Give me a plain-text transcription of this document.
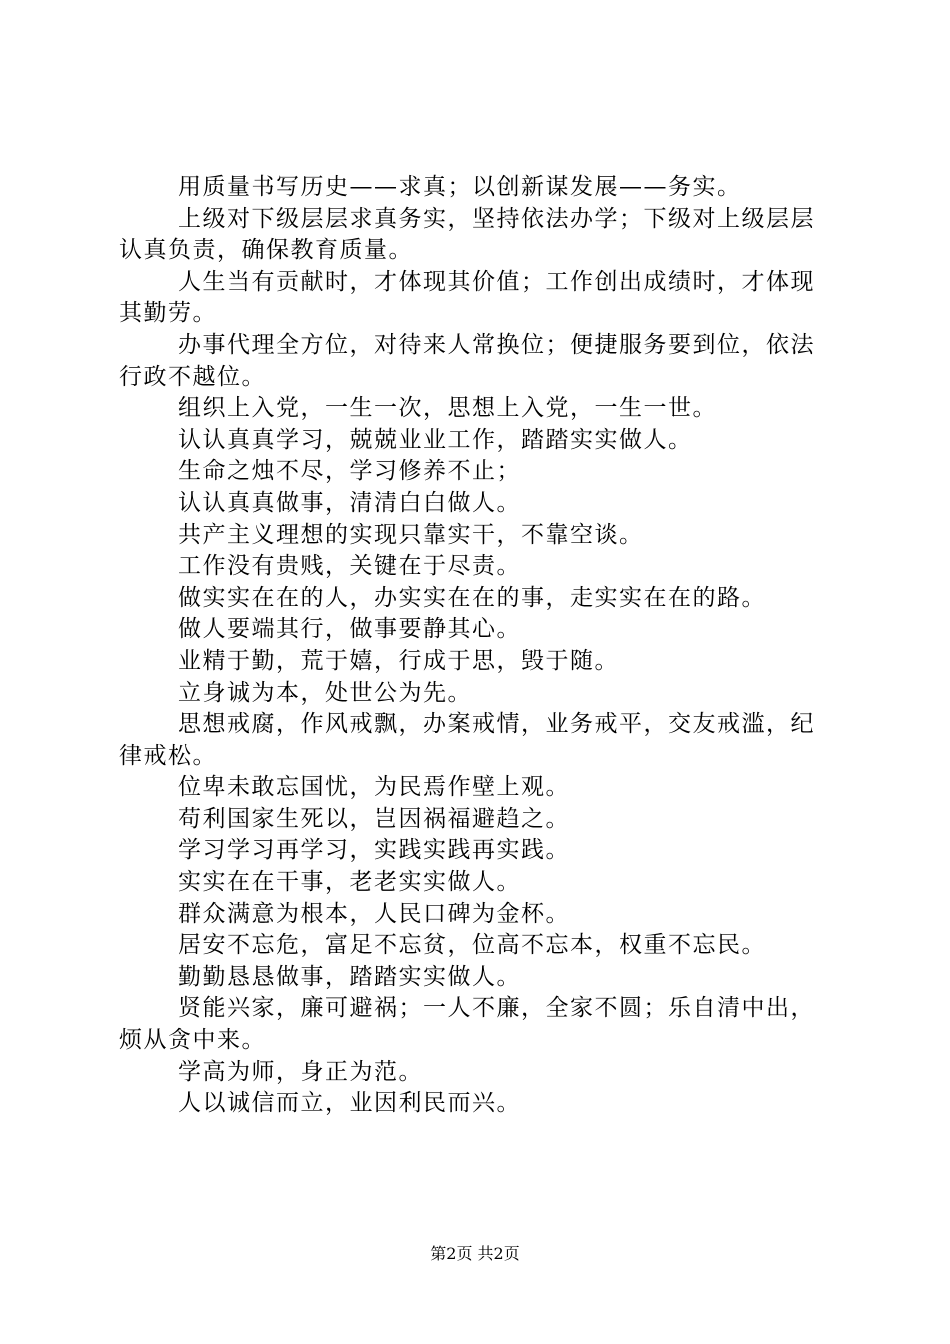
用质量书写历史——求真；以创新谋发展——务实。

上级对下级层层求真务实，坚持依法办学；下级对上级层层认真负责，确保教育质量。

人生当有贡献时，才体现其价值；工作创出成绩时，才体现其勤劳。

办事代理全方位，对待来人常换位；便捷服务要到位，依法行政不越位。

组织上入党，一生一次，思想上入党，一生一世。

认认真真学习，兢兢业业工作，踏踏实实做人。

生命之烛不尽，学习修养不止；

认认真真做事，清清白白做人。

共产主义理想的实现只靠实干，不靠空谈。

工作没有贵贱，关键在于尽责。

做实实在在的人，办实实在在的事，走实实在在的路。

做人要端其行，做事要静其心。

业精于勤，荒于嬉，行成于思，毁于随。

立身诚为本，处世公为先。

思想戒腐，作风戒飘，办案戒情，业务戒平，交友戒滥，纪律戒松。

位卑未敢忘国忧，为民焉作壁上观。

苟利国家生死以，岂因祸福避趋之。

学习学习再学习，实践实践再实践。

实实在在干事，老老实实做人。

群众满意为根本，人民口碑为金杯。

居安不忘危，富足不忘贫，位高不忘本，权重不忘民。

勤勤恳恳做事，踏踏实实做人。

贤能兴家，廉可避祸；一人不廉，全家不圆；乐自清中出，烦从贪中来。

学高为师，身正为范。

人以诚信而立，业因利民而兴。

第2页 共2页
